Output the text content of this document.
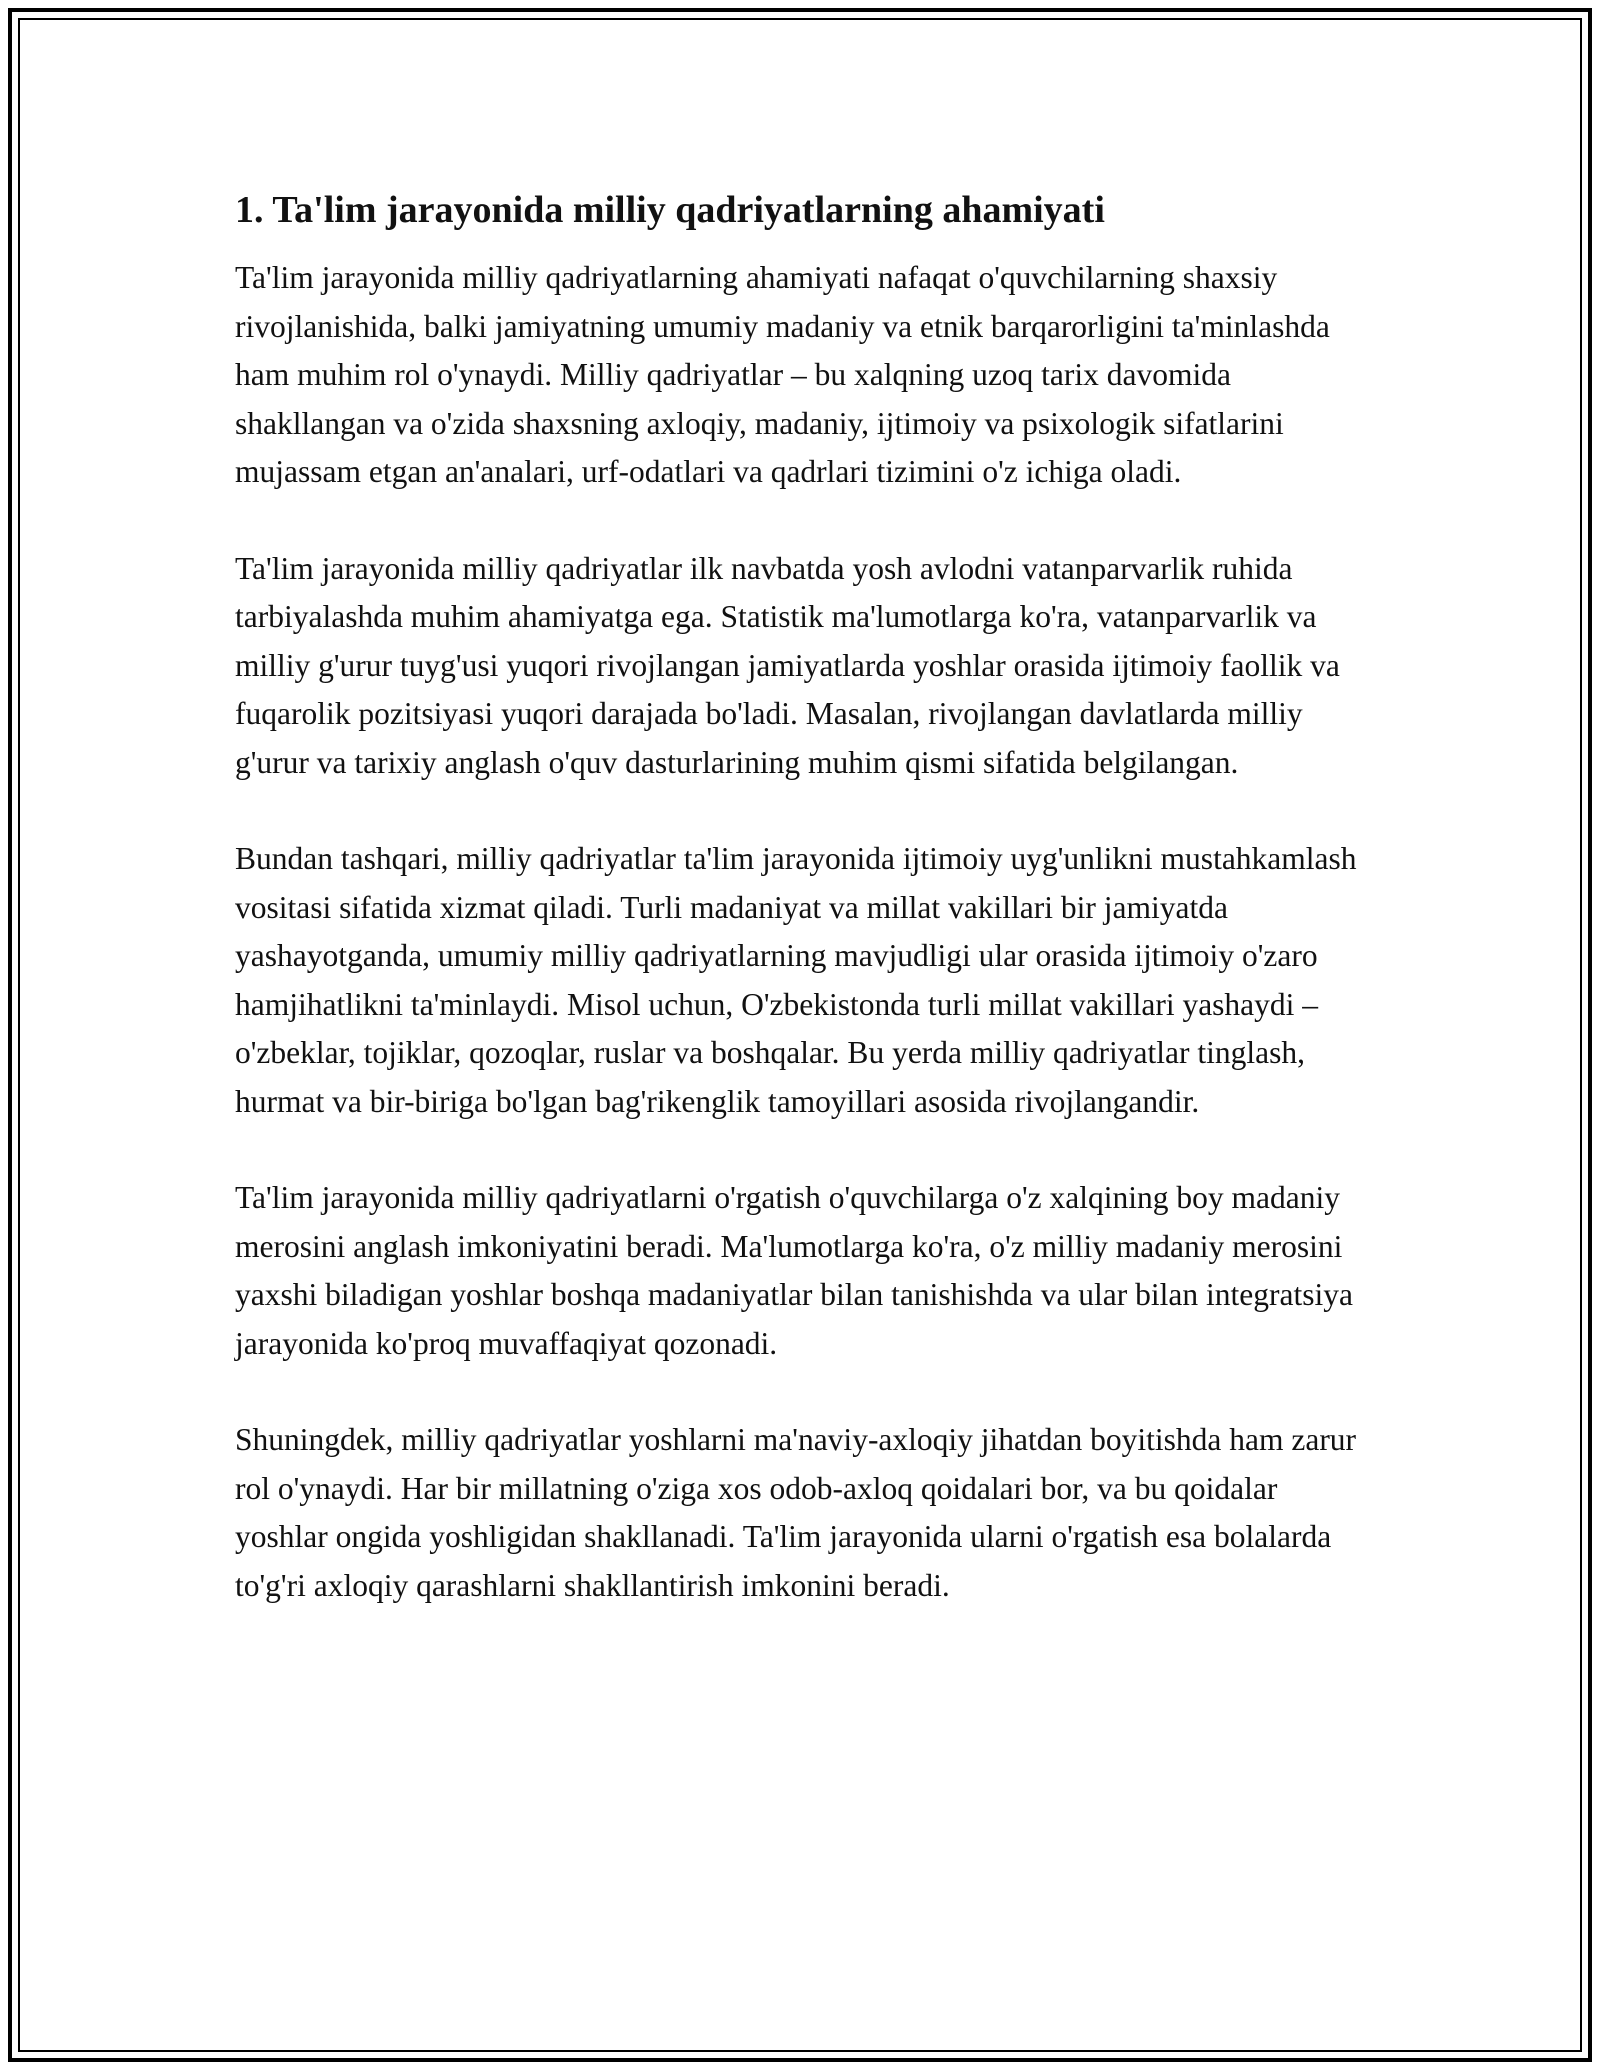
1. Ta'lim jarayonida milliy qadriyatlarning ahamiyati

Ta'lim jarayonida milliy qadriyatlarning ahamiyati nafaqat o'quvchilarning shaxsiy rivojlanishida, balki jamiyatning umumiy madaniy va etnik barqarorligini ta'minlashda ham muhim rol o'ynaydi. Milliy qadriyatlar – bu xalqning uzoq tarix davomida shakllangan va o'zida shaxsning axloqiy, madaniy, ijtimoiy va psixologik sifatlarini mujassam etgan an'analari, urf-odatlari va qadrlari tizimini o'z ichiga oladi.

Ta'lim jarayonida milliy qadriyatlar ilk navbatda yosh avlodni vatanparvarlik ruhida tarbiyalashda muhim ahamiyatga ega. Statistik ma'lumotlarga ko'ra, vatanparvarlik va milliy g'urur tuyg'usi yuqori rivojlangan jamiyatlarda yoshlar orasida ijtimoiy faollik va fuqarolik pozitsiyasi yuqori darajada bo'ladi. Masalan, rivojlangan davlatlarda milliy g'urur va tarixiy anglash o'quv dasturlarining muhim qismi sifatida belgilangan.

Bundan tashqari, milliy qadriyatlar ta'lim jarayonida ijtimoiy uyg'unlikni mustahkamlash vositasi sifatida xizmat qiladi. Turli madaniyat va millat vakillari bir jamiyatda yashayotganda, umumiy milliy qadriyatlarning mavjudligi ular orasida ijtimoiy o'zaro hamjihatlikni ta'minlaydi. Misol uchun, O'zbekistonda turli millat vakillari yashaydi – o'zbeklar, tojiklar, qozoqlar, ruslar va boshqalar. Bu yerda milliy qadriyatlar tinglash, hurmat va bir-biriga bo'lgan bag'rikenglik tamoyillari asosida rivojlangandir.

Ta'lim jarayonida milliy qadriyatlarni o'rgatish o'quvchilarga o'z xalqining boy madaniy merosini anglash imkoniyatini beradi. Ma'lumotlarga ko'ra, o'z milliy madaniy merosini yaxshi biladigan yoshlar boshqa madaniyatlar bilan tanishishda va ular bilan integratsiya jarayonida ko'proq muvaffaqiyat qozonadi.

Shuningdek, milliy qadriyatlar yoshlarni ma'naviy-axloqiy jihatdan boyitishda ham zarur rol o'ynaydi. Har bir millatning o'ziga xos odob-axloq qoidalari bor, va bu qoidalar yoshlar ongida yoshligidan shakllanadi. Ta'lim jarayonida ularni o'rgatish esa bolalarda to'g'ri axloqiy qarashlarni shakllantirish imkonini beradi.
